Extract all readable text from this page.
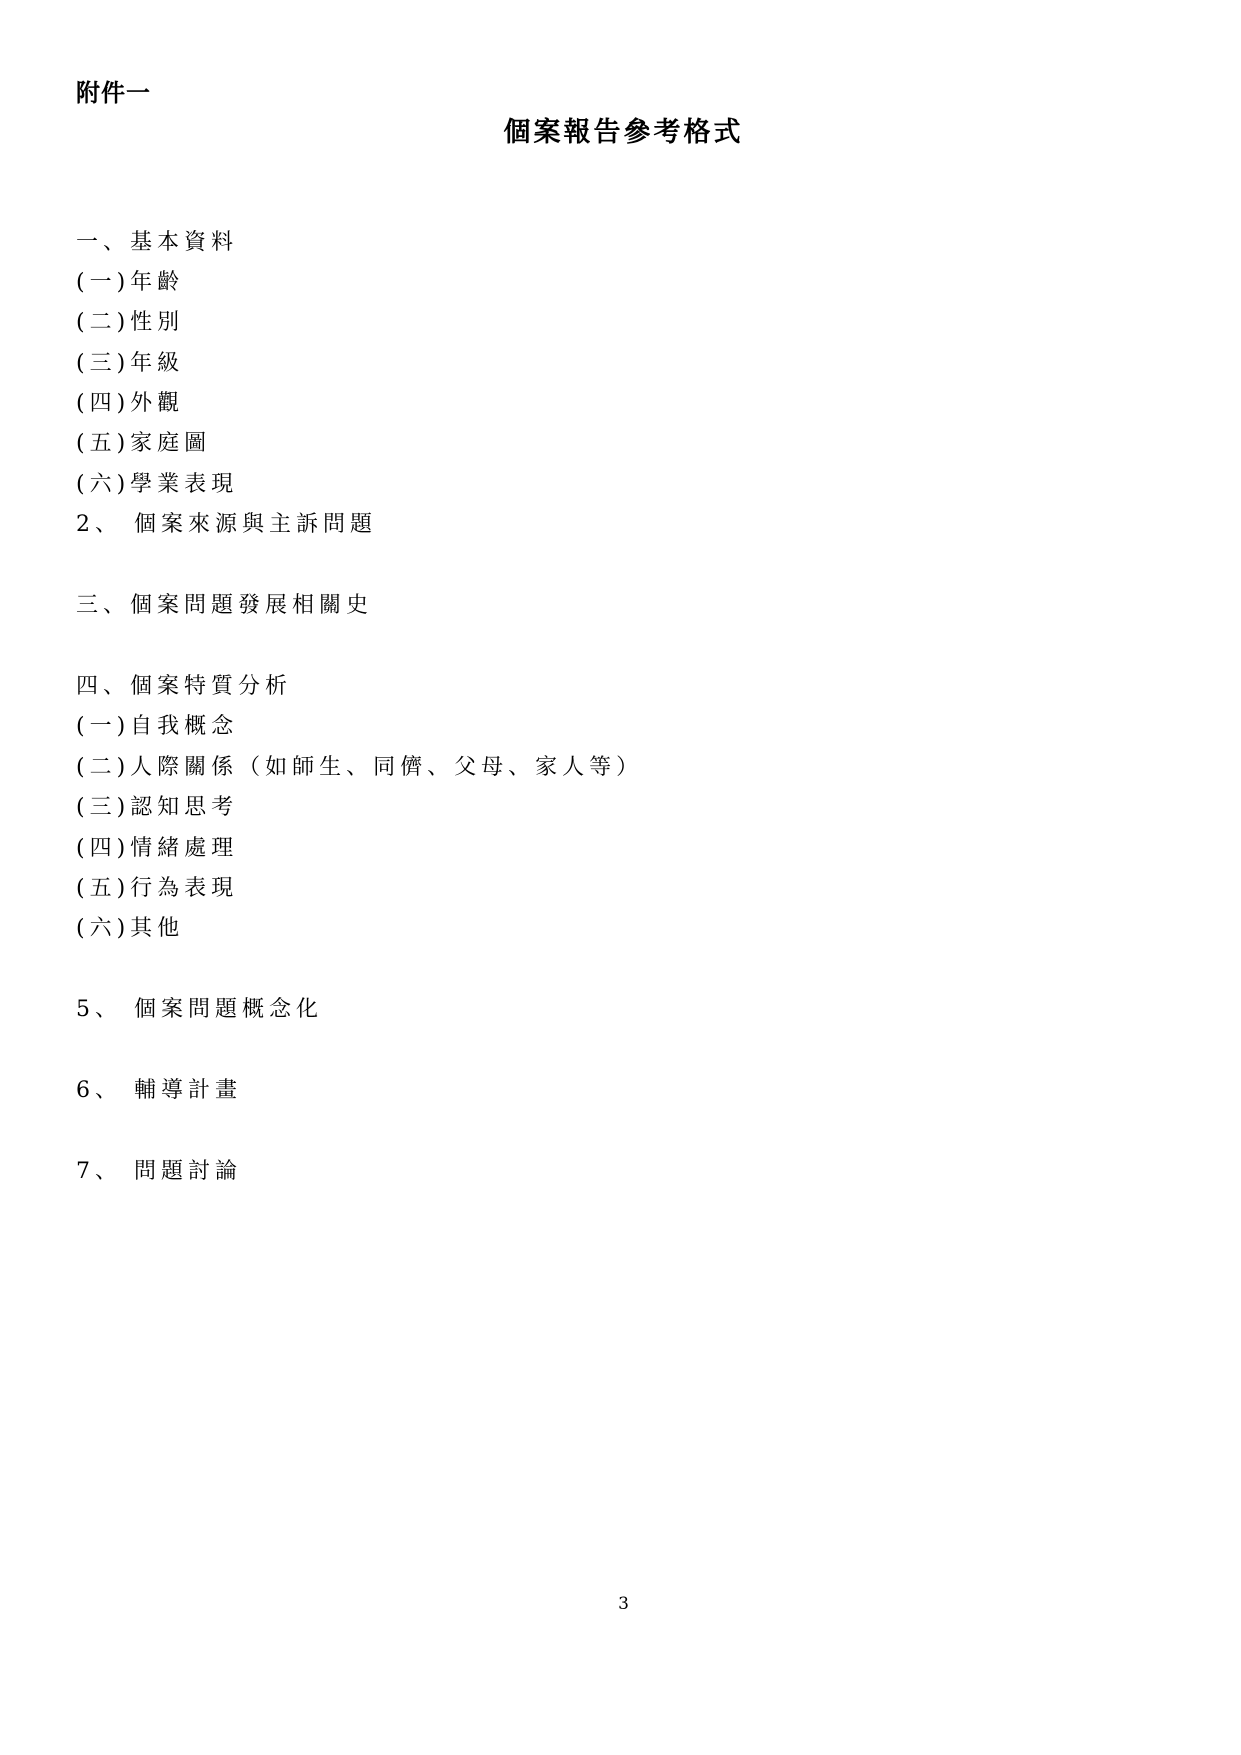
附件一
個案報告參考格式
一、基本資料
(一)年齡
(二)性別
(三)年級
(四)外觀
(五)家庭圖
(六)學業表現
2、 個案來源與主訴問題
三、個案問題發展相關史
四、個案特質分析
(一)自我概念
(二)人際關係（如師生、同儕、父母、家人等）
(三)認知思考
(四)情緒處理
(五)行為表現
(六)其他
5、 個案問題概念化
6、 輔導計畫
7、 問題討論
3
